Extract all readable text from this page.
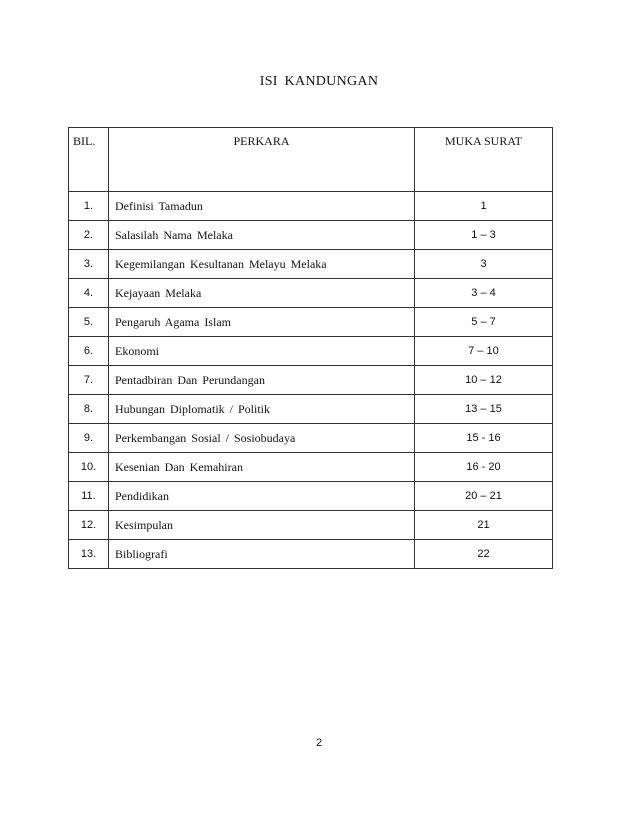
ISI KANDUNGAN
BIL.	PERKARA	MUKA SURAT
1.	Definisi Tamadun	1
2.	Salasilah Nama Melaka	1 – 3
3.	Kegemilangan Kesultanan Melayu Melaka	3
4.	Kejayaan Melaka	3 – 4
5.	Pengaruh Agama Islam	5 – 7
6.	Ekonomi	7 – 10
7.	Pentadbiran Dan Perundangan	10 – 12
8.	Hubungan Diplomatik / Politik	13 – 15
9.	Perkembangan Sosial / Sosiobudaya	15 - 16
10.	Kesenian Dan Kemahiran	16 - 20
11.	Pendidikan	20 – 21
12.	Kesimpulan	21
13.	Bibliografi	22
2
